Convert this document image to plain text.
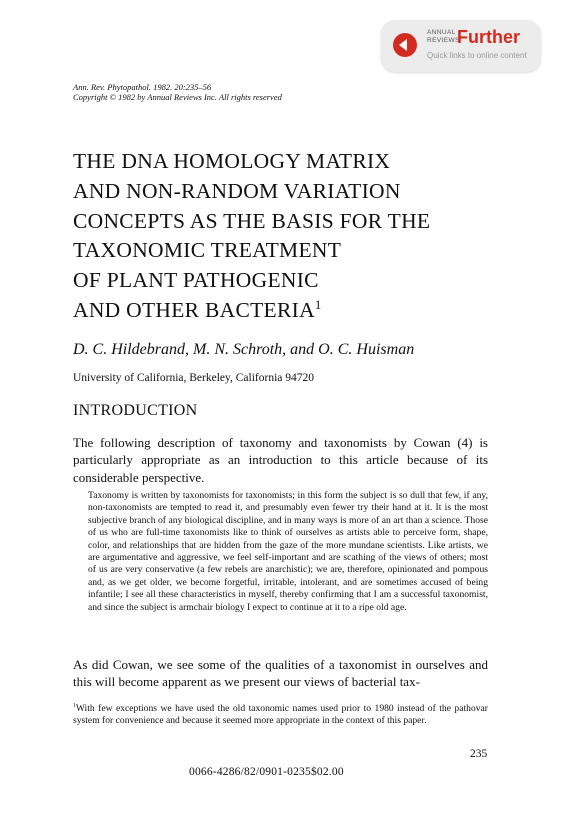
ANNUAL
REVIEWS
Further
Quick links to online content
Ann. Rev. Phytopathol. 1982. 20:235–56
Copyright © 1982 by Annual Reviews Inc. All rights reserved
THE DNA HOMOLOGY MATRIX
AND NON-RANDOM VARIATION
CONCEPTS AS THE BASIS FOR THE
TAXONOMIC TREATMENT
OF PLANT PATHOGENIC
AND OTHER BACTERIA$^1$
D. C. Hildebrand, M. N. Schroth, and O. C. Huisman
University of California, Berkeley, California 94720
INTRODUCTION
The following description of taxonomy and taxonomists by Cowan (4) is particularly appropriate as an introduction to this article because of its considerable perspective.
Taxonomy is written by taxonomists for taxonomists; in this form the subject is so dull that few, if any, non-taxonomists are tempted to read it, and presumably even fewer try their hand at it. It is the most subjective branch of any biological discipline, and in many ways is more of an art than a science. Those of us who are full-time taxonomists like to think of ourselves as artists able to perceive form, shape, color, and relationships that are hidden from the gaze of the more mundane scientists. Like artists, we are argumentative and aggressive, we feel self-important and are scathing of the views of others; most of us are very conservative (a few rebels are anarchistic); we are, therefore, opinionated and pompous and, as we get older, we become forgetful, irritable, intolerant, and are sometimes accused of being infantile; I see all these characteristics in myself, thereby confirming that I am a successful taxonomist, and since the subject is armchair biology I expect to continue at it to a ripe old age.
As did Cowan, we see some of the qualities of a taxonomist in ourselves and this will become apparent as we present our views of bacterial tax-
$^1$With few exceptions we have used the old taxonomic names used prior to 1980 instead of the pathovar system for convenience and because it seemed more appropriate in the context of this paper.
235
0066-4286/82/0901-0235$02.00
